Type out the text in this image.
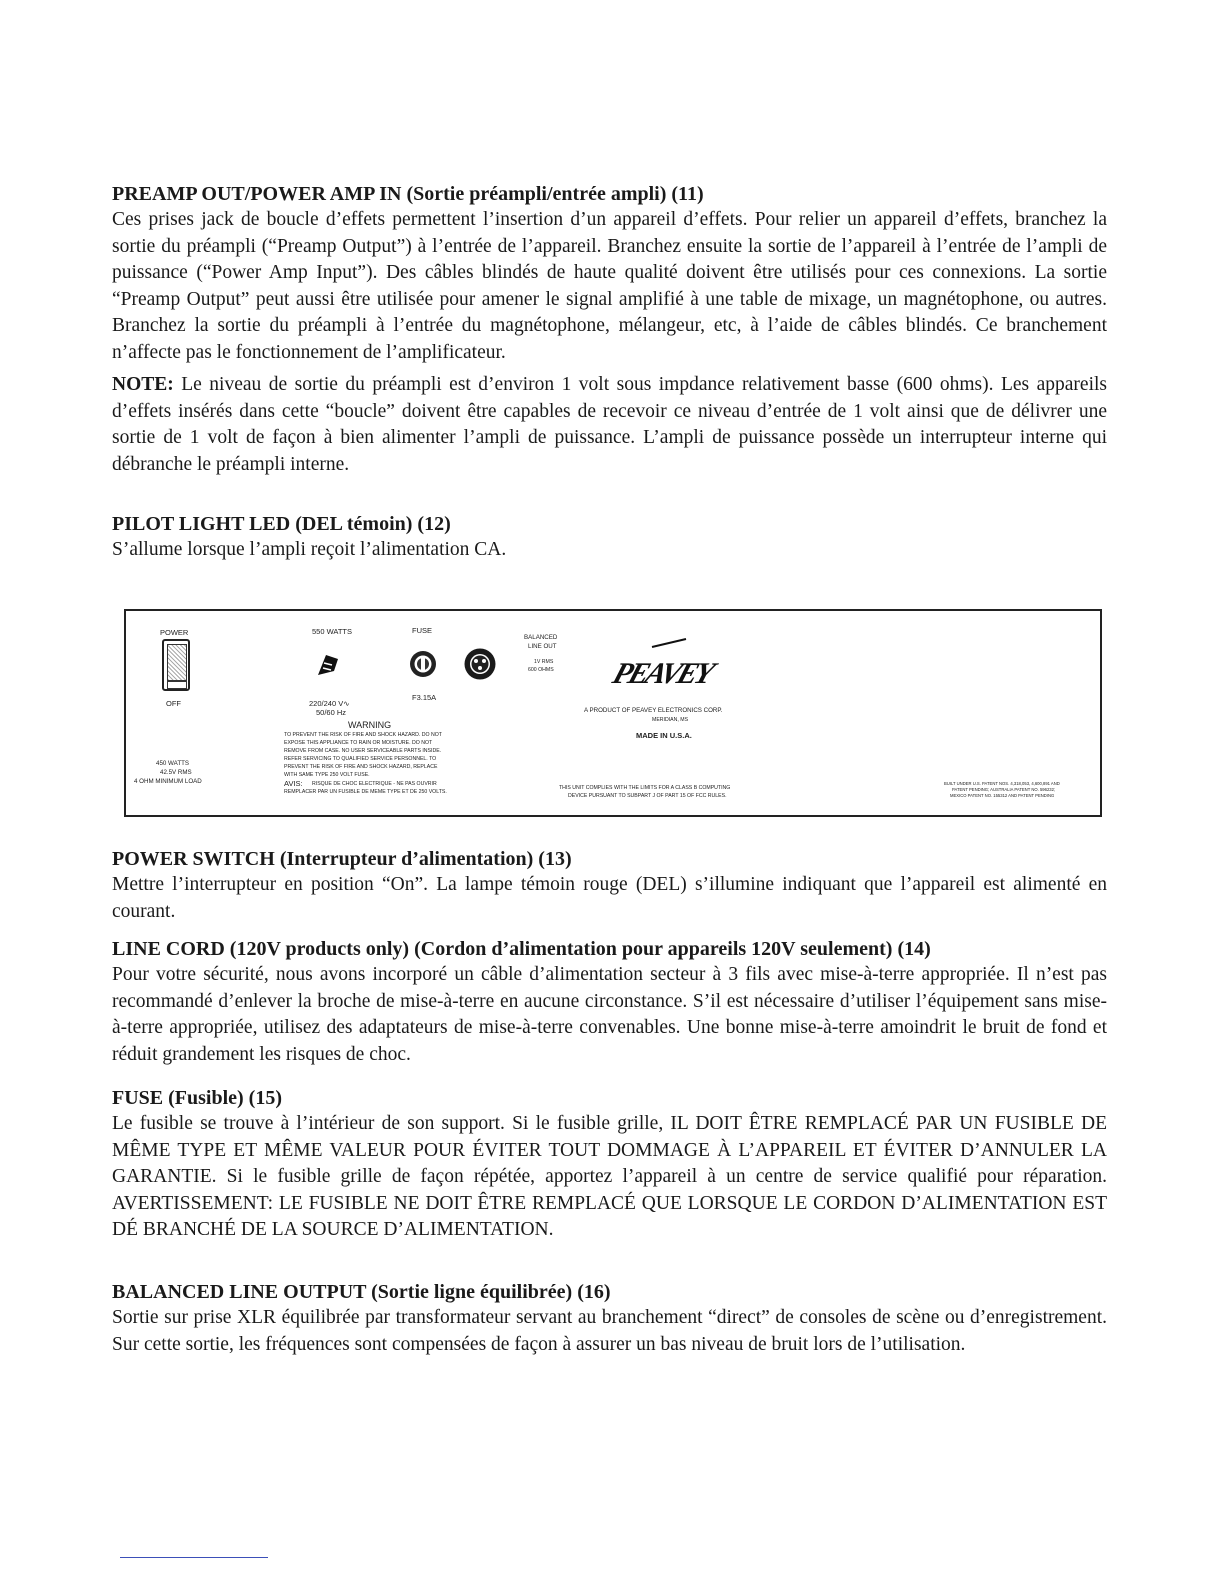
PREAMP OUT/POWER AMP IN (Sortie préampli/entrée ampli) (11)

Ces prises jack de boucle d’effets permettent l’insertion d’un appareil d’effets. Pour relier un appareil d’effets, branchez la sortie du préampli (“Preamp Output”) à l’entrée de l’appareil. Branchez ensuite la sortie de l’appareil à l’entrée de l’ampli de puissance (“Power Amp Input”). Des câbles blindés de haute qualité doivent être utilisés pour ces connexions. La sortie “Preamp Output” peut aussi être utilisée pour amener le signal amplifié à une table de mixage, un magnétophone, ou autres. Branchez la sortie du préampli à l’entrée du magnétophone, mélangeur, etc, à l’aide de câbles blindés. Ce branchement n’affecte pas le fonctionnement de l’amplificateur.

NOTE: Le niveau de sortie du préampli est d’environ 1 volt sous impdance relativement basse (600 ohms). Les appareils d’effets insérés dans cette “boucle” doivent être capables de recevoir ce niveau d’entrée de 1 volt ainsi que de délivrer une sortie de 1 volt de façon à bien alimenter l’ampli de puissance. L’ampli de puissance possède un interrupteur interne qui débranche le préampli interne.

PILOT LIGHT LED (DEL témoin) (12)

S’allume lorsque l’ampli reçoit l’alimentation CA.

POWER
OFF
550 WATTS
220/240 V∿
50/60 Hz
FUSE
F3.15A
BALANCED
LINE OUT
1V RMS
600 OHMS PEAVEY
A PRODUCT OF PEAVEY ELECTRONICS CORP.
MERIDIAN, MS
MADE IN U.S.A.
WARNING
TO PREVENT THE RISK OF FIRE AND SHOCK HAZARD. DO NOT
EXPOSE THIS APPLIANCE TO RAIN OR MOISTURE. DO NOT
REMOVE FROM CASE. NO USER SERVICEABLE PARTS INSIDE.
REFER SERVICING TO QUALIFIED SERVICE PERSONNEL. TO
PREVENT THE RISK OF FIRE AND SHOCK HAZARD, REPLACE
WITH SAME TYPE 250 VOLT FUSE.
AVIS: RISQUE DE CHOC ELECTRIQUE - NE PAS OUVRIR
REMPLACER PAR UN FUSIBLE DE MEME TYPE ET DE 250 VOLTS.
450 WATTS
42.5V RMS
4 OHM MINIMUM LOAD
THIS UNIT COMPLIES WITH THE LIMITS FOR A CLASS B COMPUTING
DEVICE PURSUANT TO SUBPART J OF PART 15 OF FCC RULES.
BUILT UNDER U.S. PATENT NOS. 4,318,053, 4,600,891 AND
PATENT PENDING; AUSTRALIA PATENT NO. 596232;
MEXICO PATENT NO. 155312 AND PATENT PENDING

POWER SWITCH (Interrupteur d’alimentation) (13)

Mettre l’interrupteur en position “On”. La lampe témoin rouge (DEL) s’illumine indiquant que l’appareil est alimenté en courant.

LINE CORD (120V products only) (Cordon d’alimentation pour appareils 120V seulement) (14)

Pour votre sécurité, nous avons incorporé un câble d’alimentation secteur à 3 fils avec mise-à-terre appropriée. Il n’est pas recommandé d’enlever la broche de mise-à-terre en aucune circonstance. S’il est nécessaire d’utiliser l’équipement sans mise-à-terre appropriée, utilisez des adaptateurs de mise-à-terre convenables. Une bonne mise-à-terre amoindrit le bruit de fond et réduit grandement les risques de choc.

FUSE (Fusible) (15)

Le fusible se trouve à l’intérieur de son support. Si le fusible grille, IL DOIT ÊTRE REMPLACÉ PAR UN FUSIBLE DE MÊME TYPE ET MÊME VALEUR POUR ÉVITER TOUT DOMMAGE À L’APPAREIL ET ÉVITER D’ANNULER LA GARANTIE. Si le fusible grille de façon répétée, apportez l’appareil à un centre de service qualifié pour réparation. AVERTISSEMENT: LE FUSIBLE NE DOIT ÊTRE REMPLACÉ QUE LORSQUE LE CORDON D’ALIMENTATION EST DÉ BRANCHÉ DE LA SOURCE D’ALIMENTATION.

BALANCED LINE OUTPUT (Sortie ligne équilibrée) (16)

Sortie sur prise XLR équilibrée par transformateur servant au branchement “direct” de consoles de scène ou d’enregistrement. Sur cette sortie, les fréquences sont compensées de façon à assurer un bas niveau de bruit lors de l’utilisation.
